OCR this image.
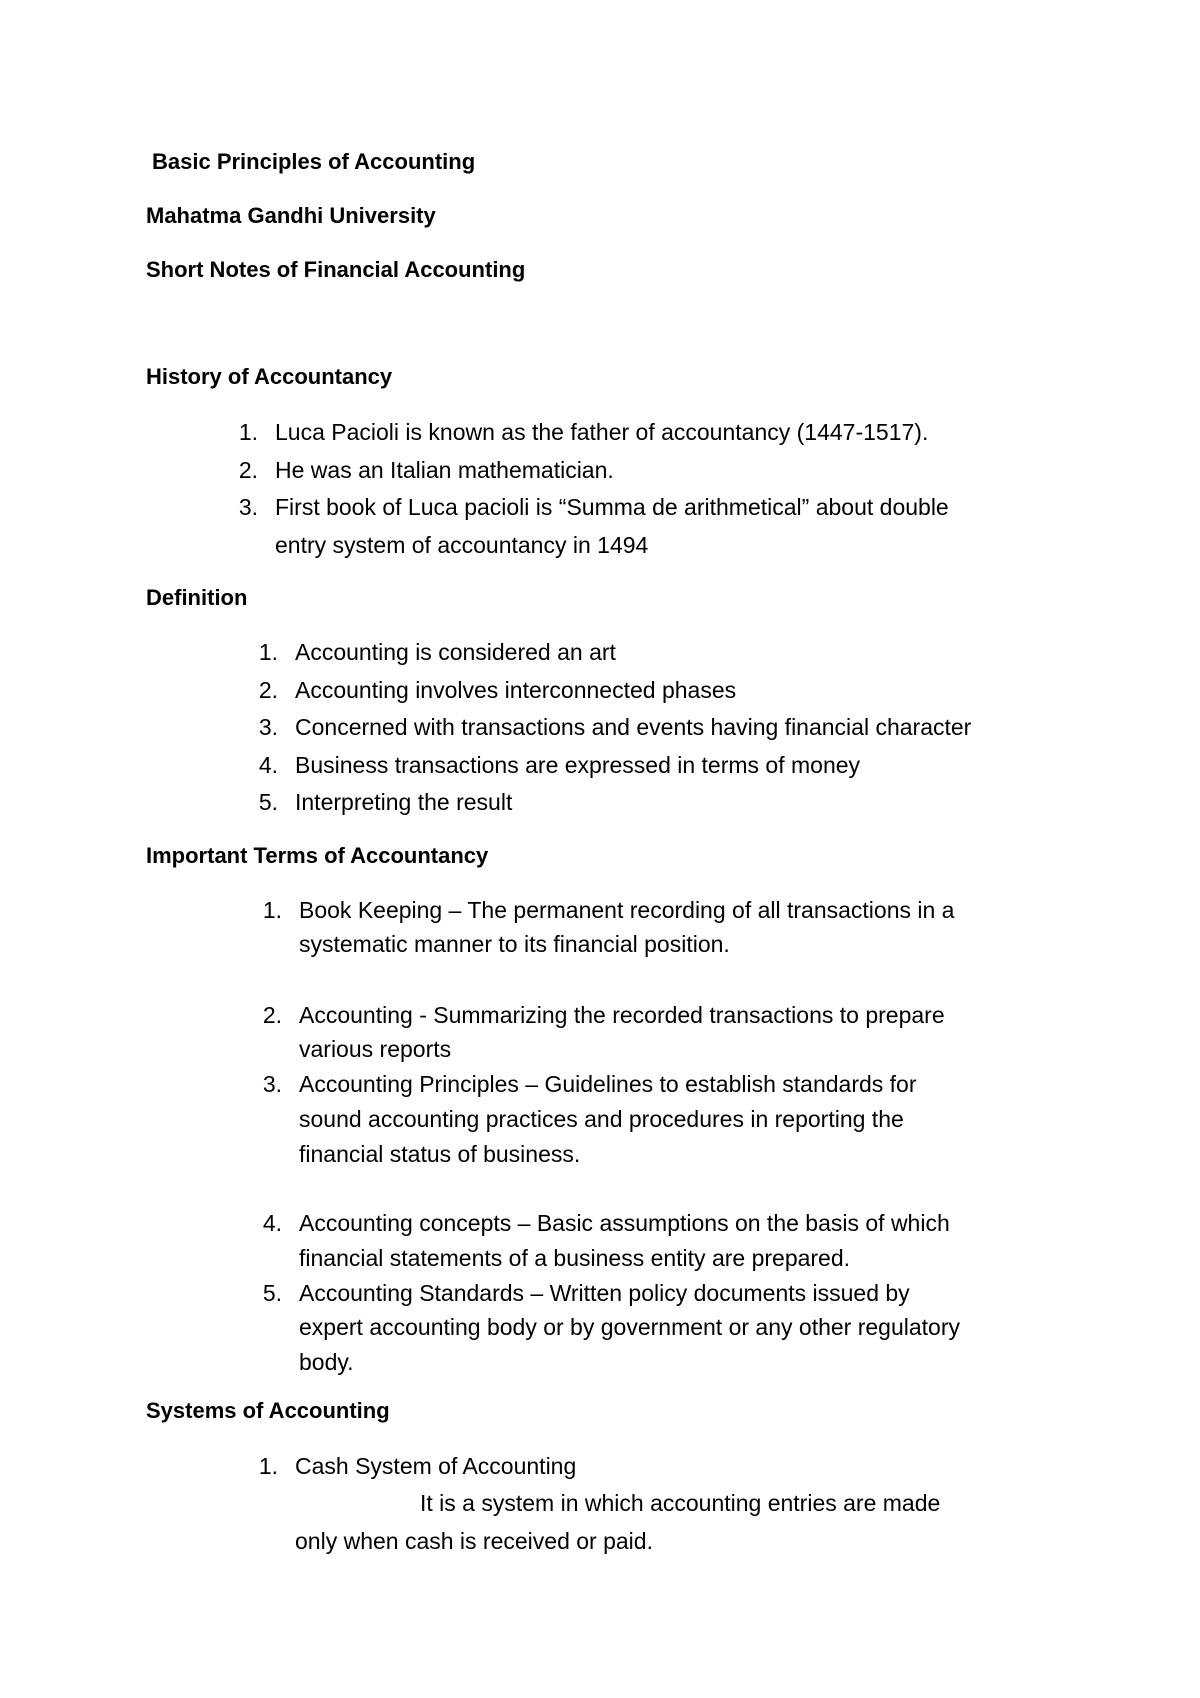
Basic Principles of Accounting
Mahatma Gandhi University
Short Notes of Financial Accounting
History of Accountancy
1. Luca Pacioli is known as the father of accountancy (1447-1517).
2. He was an Italian mathematician.
3. First book of Luca pacioli is “Summa de arithmetical” about double
entry system of accountancy in 1494
Definition
1. Accounting is considered an art
2. Accounting involves interconnected phases
3. Concerned with transactions and events having financial character
4. Business transactions are expressed in terms of money
5. Interpreting the result
Important Terms of Accountancy
1. Book Keeping – The permanent recording of all transactions in a
systematic manner to its financial position.
2. Accounting - Summarizing the recorded transactions to prepare
various reports
3. Accounting Principles – Guidelines to establish standards for
sound accounting practices and procedures in reporting the
financial status of business.
4. Accounting concepts – Basic assumptions on the basis of which
financial statements of a business entity are prepared.
5. Accounting Standards – Written policy documents issued by
expert accounting body or by government or any other regulatory
body.
Systems of Accounting
1. Cash System of Accounting
It is a system in which accounting entries are made
only when cash is received or paid.
